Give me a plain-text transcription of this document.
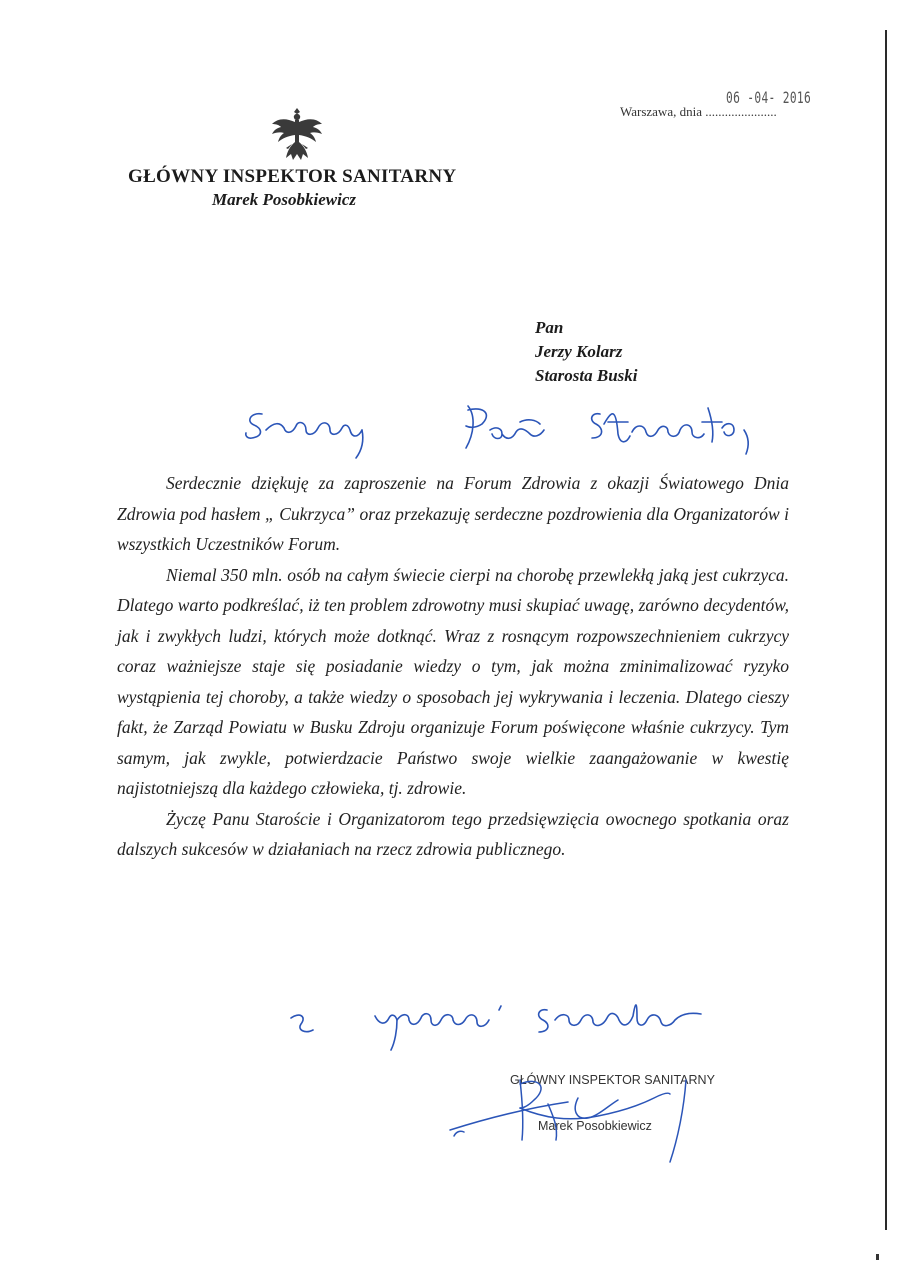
06 -04- 2016
Warszawa, dnia ......................
GŁÓWNY INSPEKTOR SANITARNY
Marek Posobkiewicz
Pan
Jerzy Kolarz
Starosta Buski

Serdecznie dziękuję za zaproszenie na Forum Zdrowia z okazji Światowego Dnia Zdrowia pod hasłem „ Cukrzyca” oraz przekazuję serdeczne pozdrowienia dla Organizatorów i wszystkich Uczestników Forum.

Niemal 350 mln. osób na całym świecie cierpi na chorobę przewlekłą jaką jest cukrzyca. Dlatego warto podkreślać, iż ten problem zdrowotny musi skupiać uwagę, zarówno decydentów, jak i zwykłych ludzi, których może dotknąć. Wraz z rosnącym rozpowszechnieniem cukrzycy coraz ważniejsze staje się posiadanie wiedzy o tym, jak można zminimalizować ryzyko wystąpienia tej choroby, a także wiedzy o sposobach jej wykrywania i leczenia. Dlatego cieszy fakt, że Zarząd Powiatu w Busku Zdroju organizuje Forum poświęcone właśnie cukrzycy. Tym samym, jak zwykle, potwierdzacie Państwo swoje wielkie zaangażowanie w kwestię najistotniejszą dla każdego człowieka, tj. zdrowie.

Życzę Panu Staroście i Organizatorom tego przedsięwzięcia owocnego spotkania oraz dalszych sukcesów w działaniach na rzecz zdrowia publicznego.

GŁÓWNY INSPEKTOR SANITARNY
Marek Posobkiewicz
